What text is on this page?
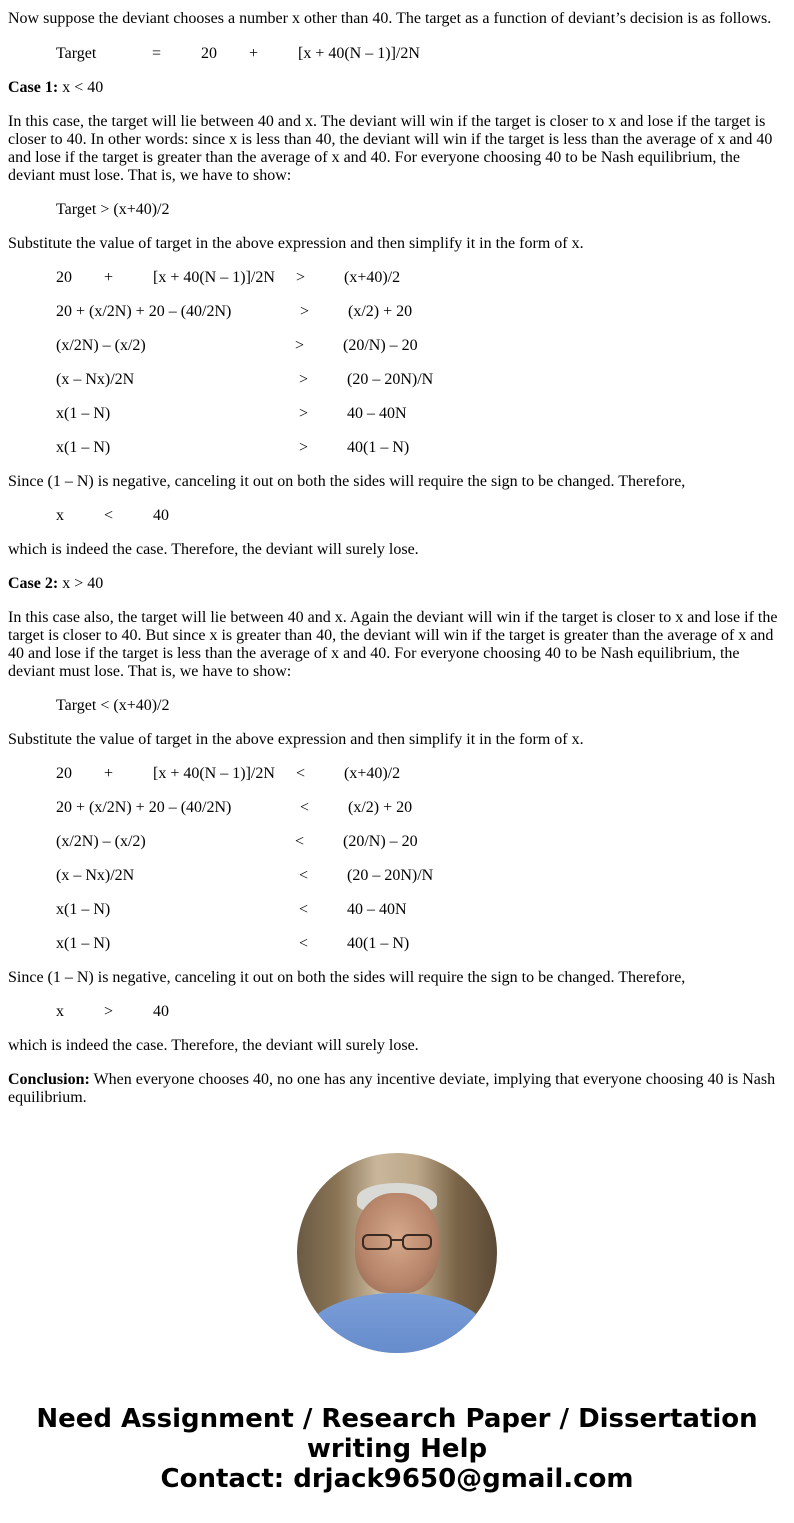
Now suppose the deviant chooses a number x other than 40. The target as a function of deviant’s decision is as follows.

Target	= 20 + [x + 40(N – 1)]/2N

Case 1: x < 40

In this case, the target will lie between 40 and x. The deviant will win if the target is closer to x and lose if the target is closer to 40. In other words: since x is less than 40, the deviant will win if the target is less than the average of x and 40 and lose if the target is greater than the average of x and 40. For everyone choosing 40 to be Nash equilibrium, the deviant must lose. That is, we have to show:

Target > (x+40)/2

Substitute the value of target in the above expression and then simplify it in the form of x.

20 + [x + 40(N – 1)]/2N > (x+40)/2
20 + (x/2N) + 20 – (40/2N)	> (x/2) + 20
(x/2N) – (x/2)	> (20/N) – 20
(x – Nx)/2N	> (20 – 20N)/N
x(1 – N)	> 40 – 40N
x(1 – N)	> 40(1 – N)

Since (1 – N) is negative, canceling it out on both the sides will require the sign to be changed. Therefore,

x	< 40

which is indeed the case. Therefore, the deviant will surely lose.

Case 2: x > 40

In this case also, the target will lie between 40 and x. Again the deviant will win if the target is closer to x and lose if the target is closer to 40. But since x is greater than 40, the deviant will win if the target is greater than the average of x and 40 and lose if the target is less than the average of x and 40. For everyone choosing 40 to be Nash equilibrium, the deviant must lose. That is, we have to show:

Target < (x+40)/2

Substitute the value of target in the above expression and then simplify it in the form of x.

20 + [x + 40(N – 1)]/2N < (x+40)/2
20 + (x/2N) + 20 – (40/2N)	< (x/2) + 20
(x/2N) – (x/2)	< (20/N) – 20
(x – Nx)/2N	< (20 – 20N)/N
x(1 – N)	< 40 – 40N
x(1 – N)	< 40(1 – N)

Since (1 – N) is negative, canceling it out on both the sides will require the sign to be changed. Therefore,

x	> 40

which is indeed the case. Therefore, the deviant will surely lose.

Conclusion: When everyone chooses 40, no one has any incentive deviate, implying that everyone choosing 40 is Nash equilibrium.

Need Assignment / Research Paper / Dissertation
writing Help
Contact: drjack9650@gmail.com
